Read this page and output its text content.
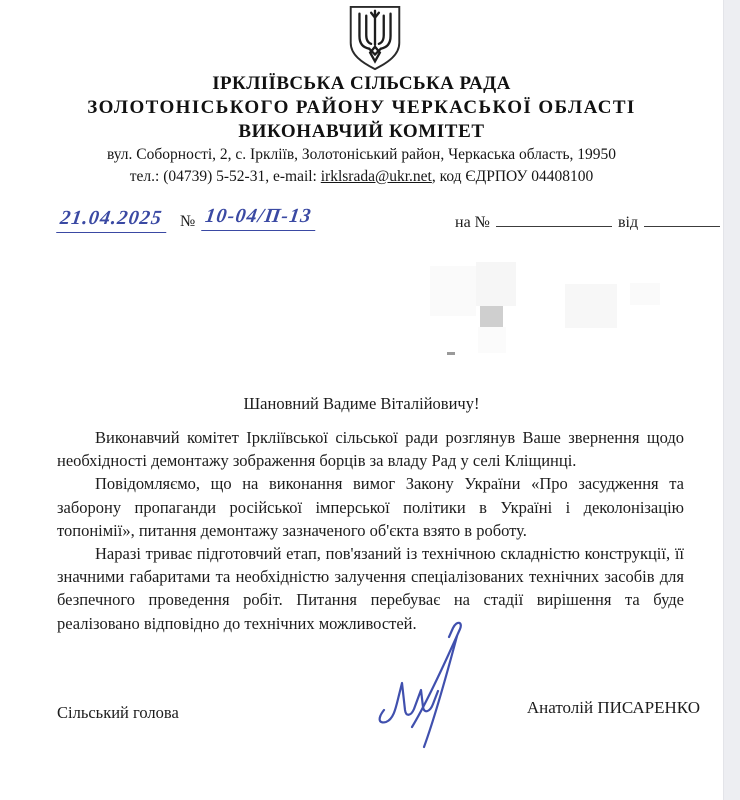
ІРКЛІЇВСЬКА СІЛЬСЬКА РАДА
ЗОЛОТОНІСЬКОГО РАЙОНУ ЧЕРКАСЬКОЇ ОБЛАСТІ
ВИКОНАВЧИЙ КОМІТЕТ
вул. Соборності, 2, с. Іркліїв, Золотоніський район, Черкаська область, 19950
тел.: (04739) 5-52-31, e-mail: irklsrada@ukr.net, код ЄДРПОУ 04408100
21.04.2025	№ 10-04/П-13	на №	від
Шановний Вадиме Віталійовичу!

Виконавчий комітет Іркліївської сільської ради розглянув Ваше звернення щодо необхідності демонтажу зображення борців за владу Рад у селі Кліщинці.

Повідомляємо, що на виконання вимог Закону України «Про засудження та заборону пропаганди російської імперської політики в Україні і деколонізацію топонімії», питання демонтажу зазначеного об'єкта взято в роботу.

Наразі триває підготовчий етап, пов'язаний із технічною складністю конструкції, її значними габаритами та необхідністю залучення спеціалізованих технічних засобів для безпечного проведення робіт. Питання перебуває на стадії вирішення та буде реалізовано відповідно до технічних можливостей.

Сільський голова	Анатолій ПИСАРЕНКО
